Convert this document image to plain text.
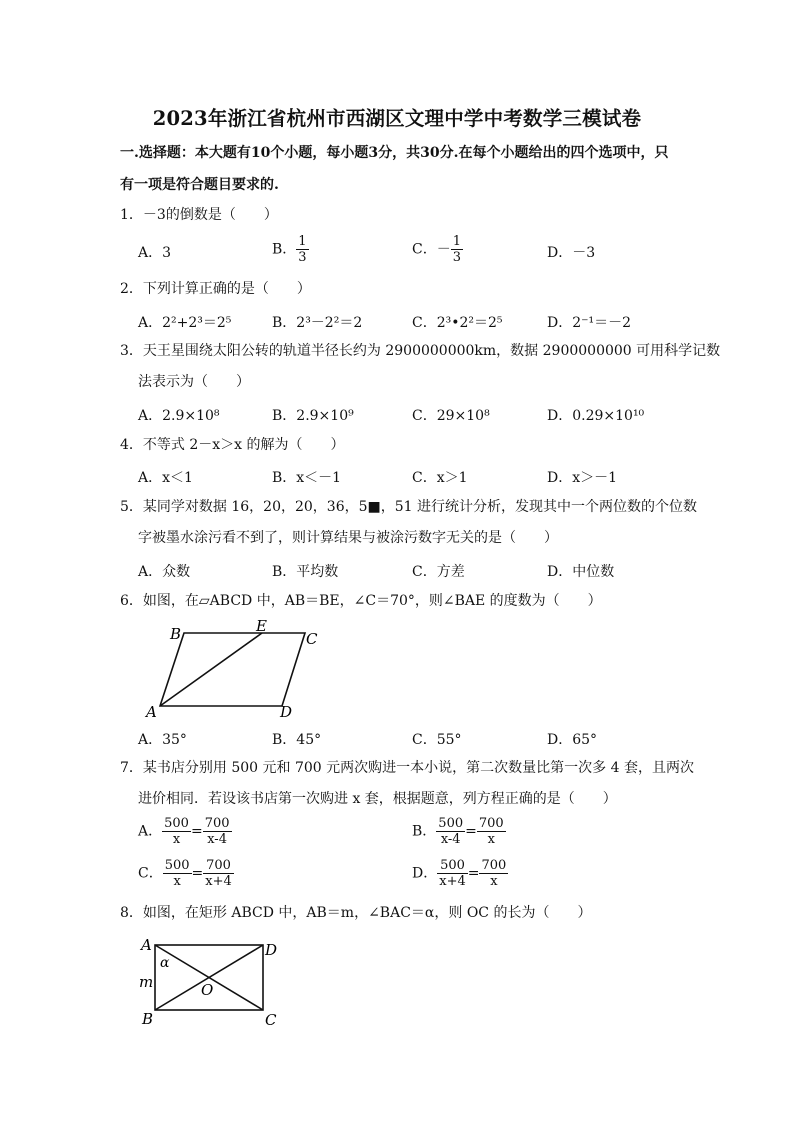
2023年浙江省杭州市西湖区文理中学中考数学三模试卷
一.选择题：本大题有10个小题，每小题3分，共30分.在每个小题给出的四个选项中，只
有一项是符合题目要求的.
1．－3的倒数是（　　）
A．3	B． $\frac{1}{3}$	C．－ $\frac{1}{3}$	D．－3
2．下列计算正确的是（　　）
A．2²+2³＝2⁵	B．2³－2²＝2	C．2³•2²＝2⁵	D．2⁻¹＝－2
3．天王星围绕太阳公转的轨道半径长约为 2900000000km，数据 2900000000 可用科学记数
法表示为（　　）
A．2.9×10⁸	B．2.9×10⁹	C．29×10⁸	D．0.29×10¹⁰
4．不等式 2－x＞x 的解为（　　）
A．x＜1	B．x＜－1	C．x＞1	D．x＞－1
5．某同学对数据 16，20，20，36，5■，51 进行统计分析，发现其中一个两位数的个位数
字被墨水涂污看不到了，则计算结果与被涂污数字无关的是（　　）
A．众数	B．平均数	C．方差	D．中位数
6．如图，在▱ABCD 中，AB＝BE，∠C＝70°，则∠BAE 的度数为（　　）
B	E
C
A	D
A．35°	B．45°	C．55°	D．65°
7．某书店分别用 500 元和 700 元两次购进一本小说，第二次数量比第一次多 4 套，且两次
进价相同．若设该书店第一次购进 x 套，根据题意，列方程正确的是（　　）
A． $\frac{500}{x} = \frac{700}{x-4}$	B． $\frac{500}{x-4} = \frac{700}{x}$
C． $\frac{500}{x} = \frac{700}{x+4}$	D． $\frac{500}{x+4} = \frac{700}{x}$
8．如图，在矩形 ABCD 中，AB＝m，∠BAC＝α，则 OC 的长为（　　）
A	D
B	C
O
m
α
